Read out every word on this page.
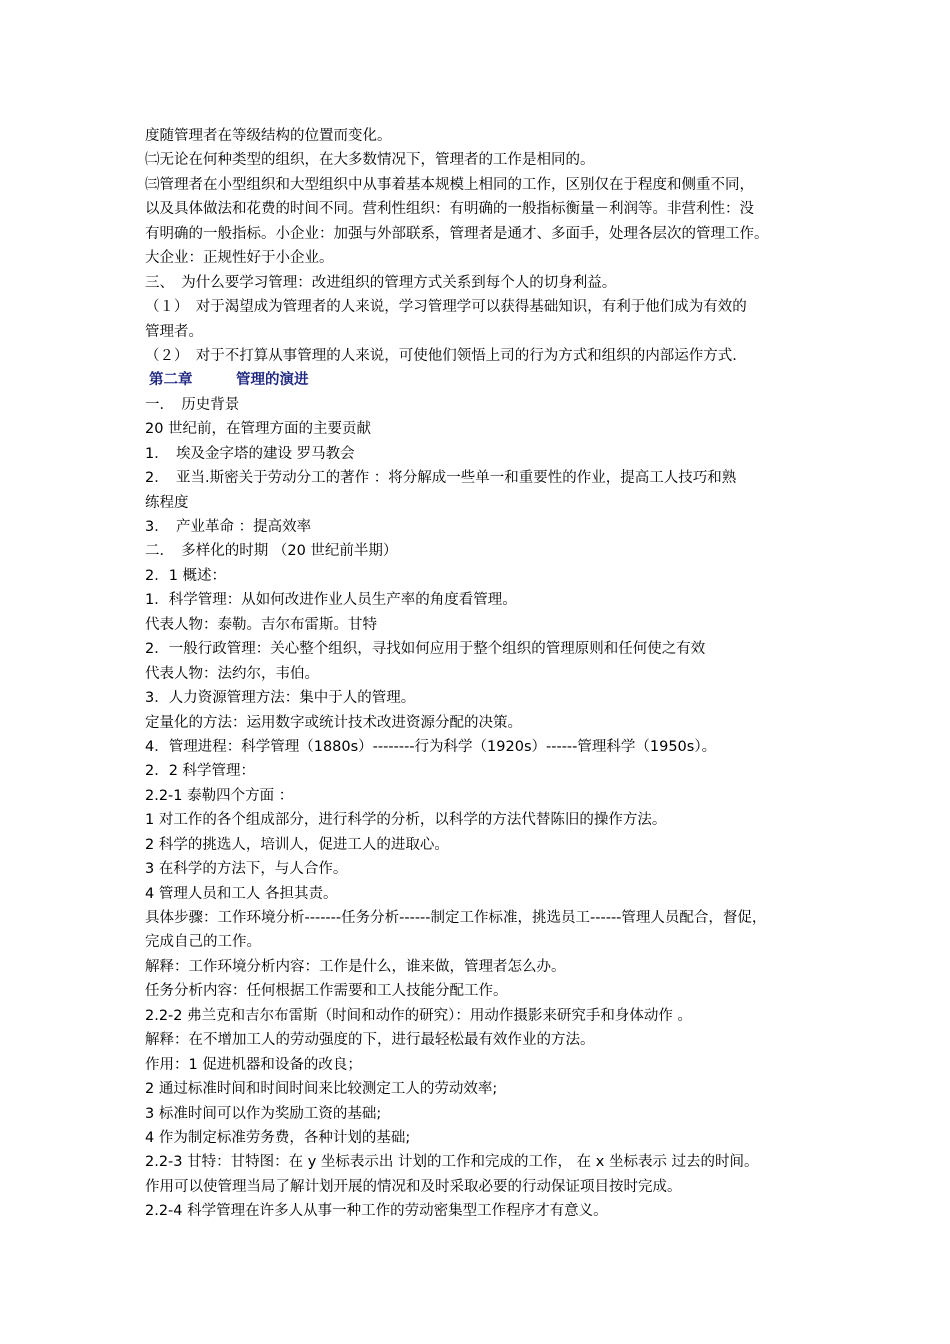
度随管理者在等级结构的位置而变化。
㈡无论在何种类型的组织，在大多数情况下，管理者的工作是相同的。
㈢管理者在小型组织和大型组织中从事着基本规模上相同的工作，区别仅在于程度和侧重不同，
以及具体做法和花费的时间不同。营利性组织：有明确的一般指标衡量－利润等。非营利性：没
有明确的一般指标。小企业：加强与外部联系，管理者是通才、多面手，处理各层次的管理工作。
大企业：正规性好于小企业。
三、　为什么要学习管理：改进组织的管理方式关系到每个人的切身利益。
（１）　对于渴望成为管理者的人来说，学习管理学可以获得基础知识，有利于他们成为有效的
管理者。
（２）　对于不打算从事管理的人来说，可使他们领悟上司的行为方式和组织的内部运作方式.
第二章　　　管理的演进
一．　历史背景
20 世纪前，在管理方面的主要贡献
1．　埃及金字塔的建设 罗马教会
2．　亚当.斯密关于劳动分工的著作 ：将分解成一些单一和重要性的作业，提高工人技巧和熟
练程度
3．　产业革命 ：提高效率
二．　多样化的时期 （20 世纪前半期）
2．1 概述：
1．科学管理：从如何改进作业人员生产率的角度看管理。
代表人物：泰勒。吉尔布雷斯。甘特
2．一般行政管理：关心整个组织，寻找如何应用于整个组织的管理原则和任何使之有效
代表人物：法约尔，韦伯。
3．人力资源管理方法：集中于人的管理。
定量化的方法：运用数字或统计技术改进资源分配的决策。
4．管理进程：科学管理（1880s）--------行为科学（1920s）------管理科学（1950s）。
2．2 科学管理：
2.2-1 泰勒四个方面 ：
1 对工作的各个组成部分，进行科学的分析，以科学的方法代替陈旧的操作方法。
2 科学的挑选人，培训人，促进工人的进取心。
3 在科学的方法下，与人合作。
4 管理人员和工人 各担其责。
具体步骤：工作环境分析-------任务分析------制定工作标准，挑选员工------管理人员配合，督促，
完成自己的工作。
解释：工作环境分析内容：工作是什么，谁来做，管理者怎么办。
任务分析内容：任何根据工作需要和工人技能分配工作。
2.2-2 弗兰克和吉尔布雷斯（时间和动作的研究）：用动作摄影来研究手和身体动作 。
解释：在不增加工人的劳动强度的下，进行最轻松最有效作业的方法。
作用：1 促进机器和设备的改良；
2 通过标准时间和时间时间来比较测定工人的劳动效率;
3 标准时间可以作为奖励工资的基础;
4 作为制定标准劳务费，各种计划的基础;
2.2-3 甘特：甘特图：在 y 坐标表示出 计划的工作和完成的工作， 在 x 坐标表示 过去的时间。
作用可以使管理当局了解计划开展的情况和及时采取必要的行动保证项目按时完成。
2.2-4 科学管理在许多人从事一种工作的劳动密集型工作程序才有意义。
